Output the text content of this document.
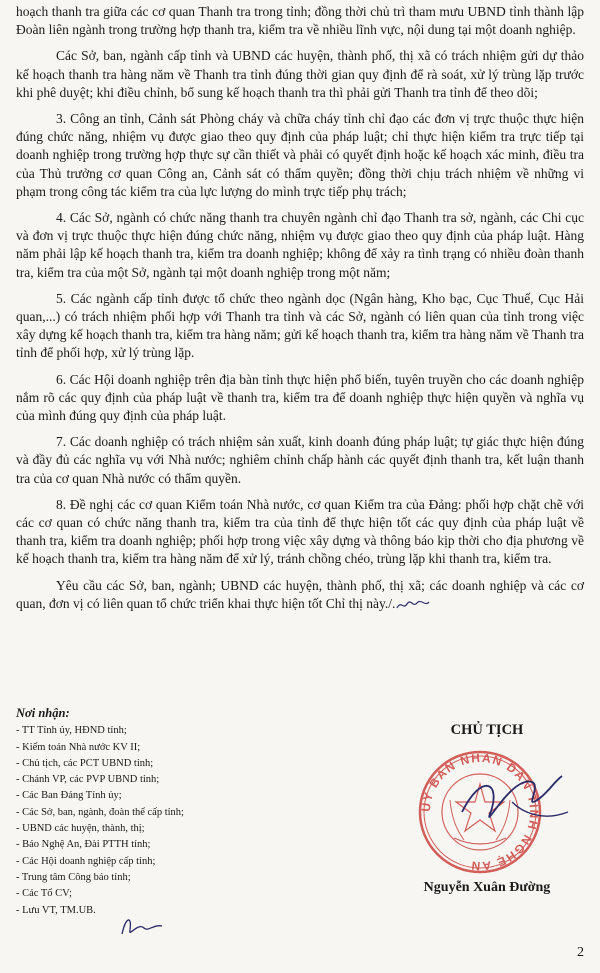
hoạch thanh tra giữa các cơ quan Thanh tra trong tỉnh; đồng thời chủ trì tham mưu UBND tỉnh thành lập Đoàn liên ngành trong trường hợp thanh tra, kiểm tra về nhiều lĩnh vực, nội dung tại một doanh nghiệp.

Các Sở, ban, ngành cấp tỉnh và UBND các huyện, thành phố, thị xã có trách nhiệm gửi dự thảo kế hoạch thanh tra hàng năm về Thanh tra tỉnh đúng thời gian quy định để rà soát, xử lý trùng lặp trước khi phê duyệt; khi điều chỉnh, bổ sung kế hoạch thanh tra thì phải gửi Thanh tra tỉnh để theo dõi;

3. Công an tỉnh, Cảnh sát Phòng cháy và chữa cháy tỉnh chỉ đạo các đơn vị trực thuộc thực hiện đúng chức năng, nhiệm vụ được giao theo quy định của pháp luật; chỉ thực hiện kiểm tra trực tiếp tại doanh nghiệp trong trường hợp thực sự cần thiết và phải có quyết định hoặc kế hoạch xác minh, điều tra của Thủ trưởng cơ quan Công an, Cảnh sát có thẩm quyền; đồng thời chịu trách nhiệm về những vi phạm trong công tác kiểm tra của lực lượng do mình trực tiếp phụ trách;

4. Các Sở, ngành có chức năng thanh tra chuyên ngành chỉ đạo Thanh tra sở, ngành, các Chi cục và đơn vị trực thuộc thực hiện đúng chức năng, nhiệm vụ được giao theo quy định của pháp luật. Hàng năm phải lập kế hoạch thanh tra, kiểm tra doanh nghiệp; không để xảy ra tình trạng có nhiều đoàn thanh tra, kiểm tra của một Sở, ngành tại một doanh nghiệp trong một năm;

5. Các ngành cấp tỉnh được tổ chức theo ngành dọc (Ngân hàng, Kho bạc, Cục Thuế, Cục Hải quan,...) có trách nhiệm phối hợp với Thanh tra tỉnh và các Sở, ngành có liên quan của tỉnh trong việc xây dựng kế hoạch thanh tra, kiểm tra hàng năm; gửi kế hoạch thanh tra, kiểm tra hàng năm về Thanh tra tỉnh để phối hợp, xử lý trùng lặp.

6. Các Hội doanh nghiệp trên địa bàn tỉnh thực hiện phổ biến, tuyên truyền cho các doanh nghiệp nắm rõ các quy định của pháp luật về thanh tra, kiểm tra để doanh nghiệp thực hiện quyền và nghĩa vụ của mình đúng quy định của pháp luật.

7. Các doanh nghiệp có trách nhiệm sản xuất, kinh doanh đúng pháp luật; tự giác thực hiện đúng và đầy đủ các nghĩa vụ với Nhà nước; nghiêm chỉnh chấp hành các quyết định thanh tra, kết luận thanh tra của cơ quan Nhà nước có thẩm quyền.

8. Đề nghị các cơ quan Kiểm toán Nhà nước, cơ quan Kiểm tra của Đảng: phối hợp chặt chẽ với các cơ quan có chức năng thanh tra, kiểm tra của tỉnh để thực hiện tốt các quy định của pháp luật về thanh tra, kiểm tra doanh nghiệp; phối hợp trong việc xây dựng và thông báo kịp thời cho địa phương về kế hoạch thanh tra, kiểm tra hàng năm để xử lý, tránh chồng chéo, trùng lặp khi thanh tra, kiểm tra.

Yêu cầu các Sở, ban, ngành; UBND các huyện, thành phố, thị xã; các doanh nghiệp và các cơ quan, đơn vị có liên quan tổ chức triển khai thực hiện tốt Chỉ thị này./.

Nơi nhận:
- TT Tỉnh ủy, HĐND tỉnh;
- Kiểm toán Nhà nước KV II;
- Chủ tịch, các PCT UBND tỉnh;
- Chánh VP, các PVP UBND tỉnh;
- Các Ban Đảng Tỉnh ủy;
- Các Sở, ban, ngành, đoàn thể cấp tỉnh;
- UBND các huyện, thành, thị;
- Báo Nghệ An, Đài PTTH tỉnh;
- Các Hội doanh nghiệp cấp tỉnh;
- Trung tâm Công báo tỉnh;
- Các Tổ CV;
- Lưu VT, TM.UB.
CHỦ TỊCH
ỦY BAN NHÂN DÂN TỈNH NGHỆ AN
Nguyễn Xuân Đường
2
